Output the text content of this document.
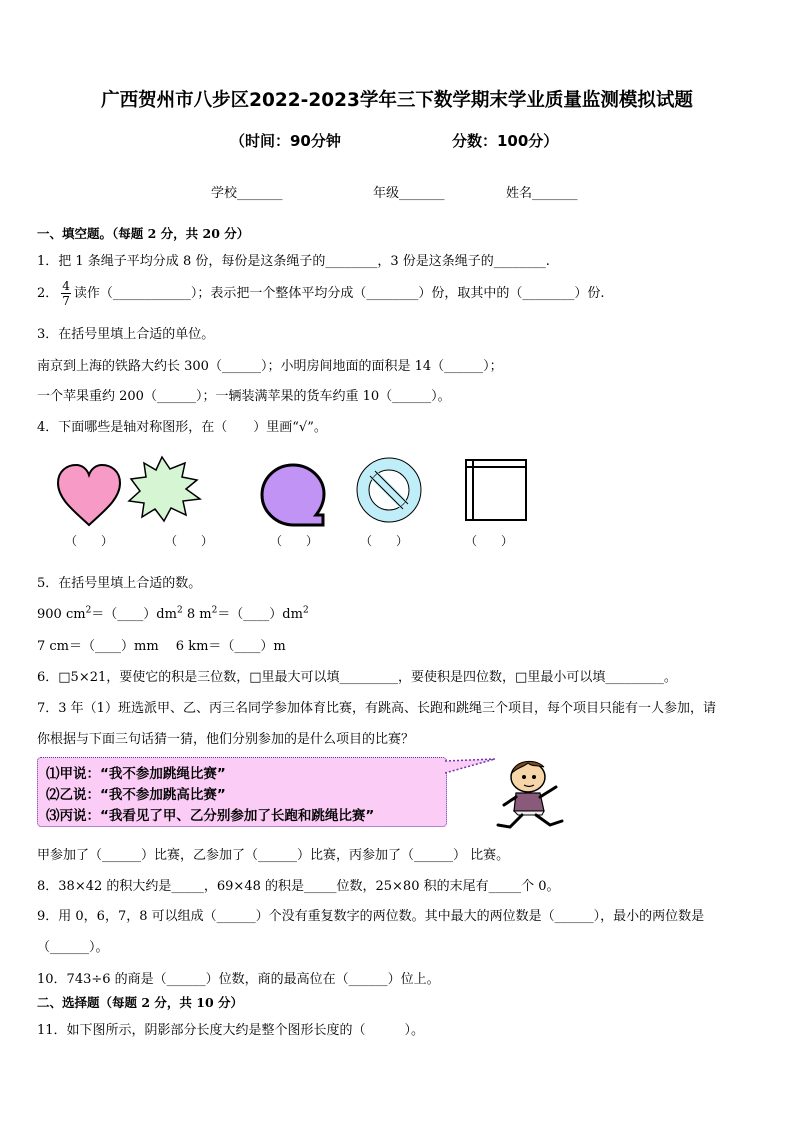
广西贺州市八步区2022-2023学年三下数学期末学业质量监测模拟试题
（时间：90分钟	分数：100分）
学校_______	年级_______	姓名_______
一、填空题。（每题 2 分，共 20 分）
1．把 1 条绳子平均分成 8 份，每份是这条绳子的________，3 份是这条绳子的________.
2． $\frac{4}{7}$ 读作（____________）；表示把一个整体平均分成（________）份，取其中的（________）份.
3．在括号里填上合适的单位。
南京到上海的铁路大约长 300（______）；小明房间地面的面积是 14（______）；
一个苹果重约 200（______）；一辆装满苹果的货车约重 10（______）。
4．下面哪些是轴对称图形，在（　　）里画“√”。
（　　）	（　　）	（　　）	（　　）	（　　）
5．在括号里填上合适的数。
900 $cm^2=(\_\_\_\_)dm^2$ 8 $m^2=(\_\_\_\_)dm^2$
7 cm＝（____）mm　 6 km＝（____）m
6．□5×21，要使它的积是三位数，□里最大可以填_________，要使积是四位数，□里最小可以填_________。
7．3 年（1）班选派甲、乙、丙三名同学参加体育比赛，有跳高、长跑和跳绳三个项目，每个项目只能有一人参加，请
你根据与下面三句话猜一猜，他们分别参加的是什么项目的比赛？
⑴甲说：“我不参加跳绳比赛”
⑵乙说：“我不参加跳高比赛”
⑶丙说：“我看见了甲、乙分别参加了长跑和跳绳比赛”
甲参加了（______）比赛，乙参加了（______）比赛，丙参加了（______） 比赛。
8．38×42 的积大约是_____，69×48 的积是_____位数，25×80 积的末尾有_____个 0。
9．用 0，6，7，8 可以组成（______）个没有重复数字的两位数。其中最大的两位数是（______），最小的两位数是
（______）。
10．743÷6 的商是（______）位数，商的最高位在（______）位上。
二、选择题（每题 2 分，共 10 分）
11．如下图所示，阴影部分长度大约是整个图形长度的（　　　）。
